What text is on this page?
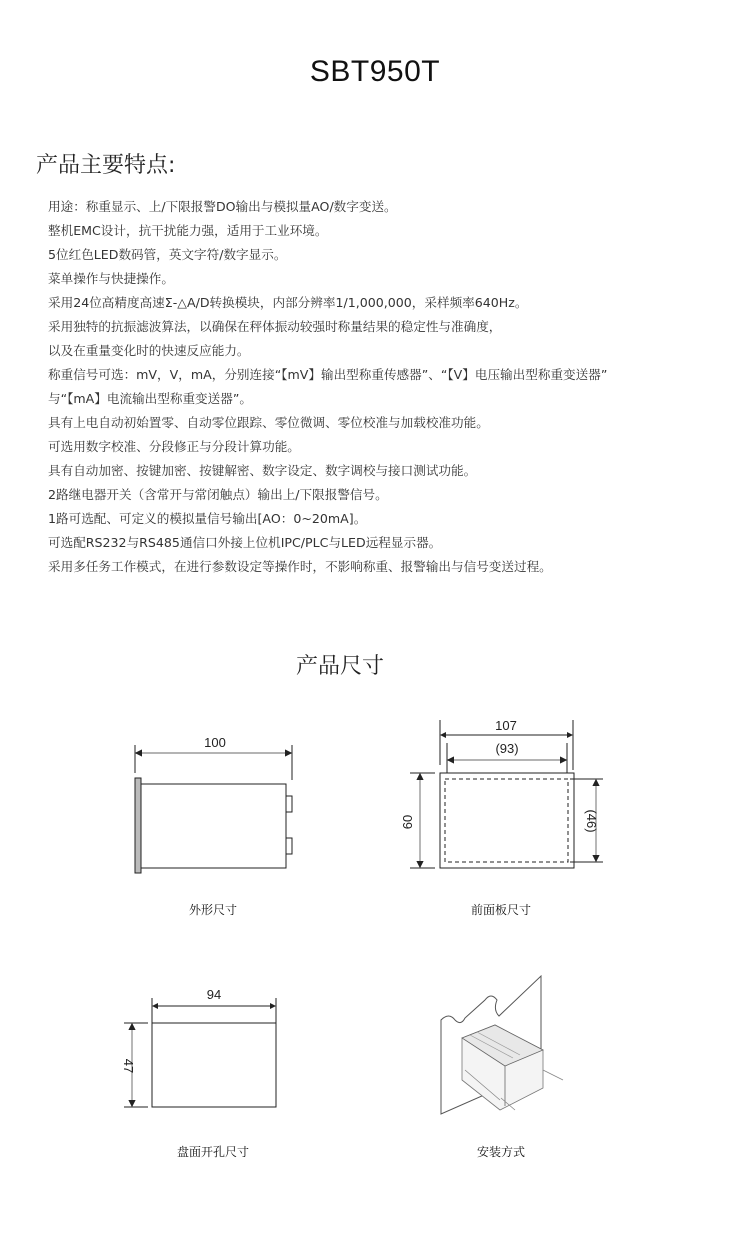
SBT950T
产品主要特点:
用途：称重显示、上/下限报警DO输出与模拟量AO/数字变送。
整机EMC设计，抗干扰能力强，适用于工业环境。
5位红色LED数码管，英文字符/数字显示。
菜单操作与快捷操作。
采用24位高精度高速Σ-△A/D转换模块，内部分辨率1/1,000,000，采样频率640Hz。
采用独特的抗振滤波算法，以确保在秤体振动较强时称量结果的稳定性与准确度，
以及在重量变化时的快速反应能力。
称重信号可选：mV，V，mA，分别连接“【mV】输出型称重传感器”、“【V】电压输出型称重变送器”
与“【mA】电流输出型称重变送器”。
具有上电自动初始置零、自动零位跟踪、零位微调、零位校准与加载校准功能。
可选用数字校准、分段修正与分段计算功能。
具有自动加密、按键加密、按键解密、数字设定、数字调校与接口测试功能。
2路继电器开关（含常开与常闭触点）输出上/下限报警信号。
1路可选配、可定义的模拟量信号输出[AO：0~20mA]。
可选配RS232与RS485通信口外接上位机IPC/PLC与LED远程显示器。
采用多任务工作模式，在进行参数设定等操作时，不影响称重、报警输出与信号变送过程。
产品尺寸
100
外形尺寸
107
(93)
60	(46)
前面板尺寸
94
47
盘面开孔尺寸	安装方式
